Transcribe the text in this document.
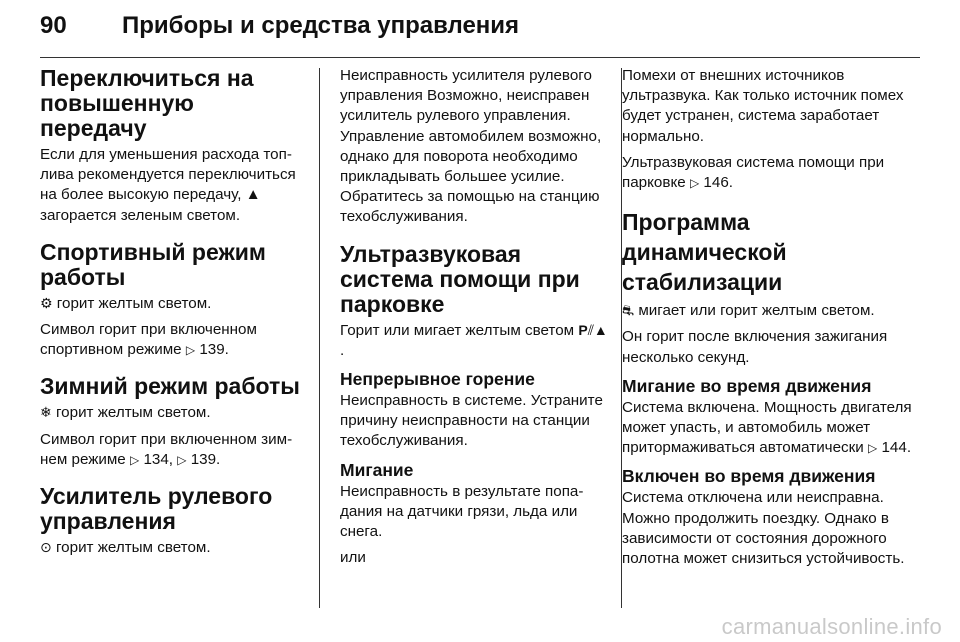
90 Приборы и средства управления
Переключиться на повышенную передачу

Если для уменьшения расхода топлива рекомендуется переключиться на более высокую передачу, ▲ загорается зеленым светом.

Спортивный режим работы

⚙ горит желтым светом.

Символ горит при включенном спортивном режиме ▷ 139.

Зимний режим работы

❄ горит желтым светом.

Символ горит при включенном зимнем режиме ▷ 134, ▷ 139.

Усилитель рулевого управления

⊙ горит желтым светом.

Неисправность усилителя рулевого управления Возможно, неисправен усилитель рулевого управления. Управление автомобилем возможно, однако для поворота необходимо прикладывать большее усилие. Обратитесь за помощью на станцию техобслуживания.

Ультразвуковая система помощи при парковке

Горит или мигает желтым светом P⫽▲.

Непрерывное горение

Неисправность в системе. Устраните причину неисправности на станции техобслуживания.

Мигание

Неисправность в результате попадания на датчики грязи, льда или снега.

или

Помехи от внешних источников ультразвука. Как только источник помех будет устранен, система заработает нормально.

Ультразвуковая система помощи при парковке ▷ 146.

Программа динамической стабилизации

⛐ мигает или горит желтым светом.

Он горит после включения зажигания несколько секунд.

Мигание во время движения

Система включена. Мощность двигателя может упасть, и автомобиль может притормаживаться автоматически ▷ 144.

Включен во время движения

Система отключена или неисправна. Можно продолжить поездку. Однако в зависимости от состояния дорожного полотна может снизиться устойчивость.

carmanualsonline.info
